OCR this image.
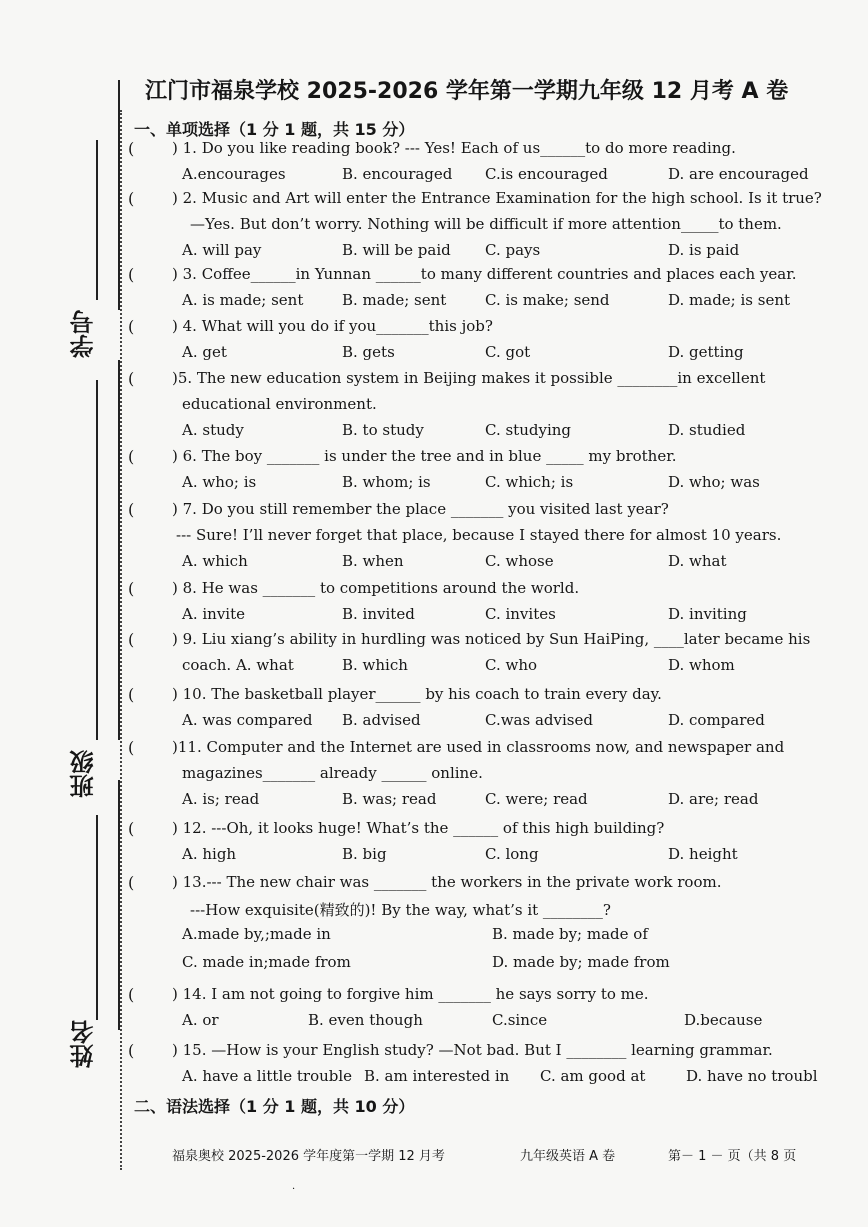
学号
班级
姓名
江门市福泉学校 2025-2026 学年第一学期九年级 12 月考 A 卷
一、单项选择（1 分 1 题，共 15 分）
(	) 1. Do you like reading book? --- Yes! Each of us______to do more reading.
A.encourages	B. encouraged C.is encouraged	D. are encouraged
(	) 2. Music and Art will enter the Entrance Examination for the high school. Is it true?
—Yes. But don’t worry. Nothing will be difficult if more attention_____to them.
A. will pay	B. will be paid C. pays	D. is paid
(	) 3. Coffee______in Yunnan ______to many different countries and places each year.
A. is made; sent	B. made; sent	C. is make; send	D. made; is sent
(	) 4. What will you do if you_______this job?
A. get	B. gets	C. got	D. getting
(	)5. The new education system in Beijing makes it possible ________in excellent
educational environment.
A. study	B. to study	C. studying	D. studied
(	) 6. The boy _______ is under the tree and in blue _____ my brother.
A. who; is	B. whom; is	C. which; is	D. who; was
(	) 7. Do you still remember the place _______ you visited last year?
--- Sure! I’ll never forget that place, because I stayed there for almost 10 years.
A. which	B. when	C. whose	D. what
(	) 8. He was _______ to competitions around the world.
A. invite	B. invited	C. invites	D. inviting
(	) 9. Liu xiang’s ability in hurdling was noticed by Sun HaiPing, ____later became his
coach. A. what	B. which	C. who	D. whom
(	) 10. The basketball player______ by his coach to train every day.
A. was compared B. advised	C.was advised	D. compared
(	)11. Computer and the Internet are used in classrooms now, and newspaper and
magazines_______ already ______ online.
A. is; read	B. was; read	C. were; read	D. are; read
(	) 12. ---Oh, it looks huge! What’s the ______ of this high building?
A. high	B. big	C. long	D. height
(	) 13.--- The new chair was _______ the workers in the private work room.
---How exquisite(精致的)! By the way, what’s it ________?
A.made by,;made in	B. made by; made of
C. made in;made from	D. made by; made from
(	) 14. I am not going to forgive him _______ he says sorry to me.
A. or	B. even though	C.since	D.because
(	) 15. —How is your English study? —Not bad. But I ________ learning grammar.
A. have a little trouble B. am interested in C. am good at	D. have no troubl
二、语法选择（1 分 1 题，共 10 分）
福泉奥校 2025-2026 学年度第一学期 12 月考	九年级英语 A 卷	第－ 1 － 页（共 8 页
·
